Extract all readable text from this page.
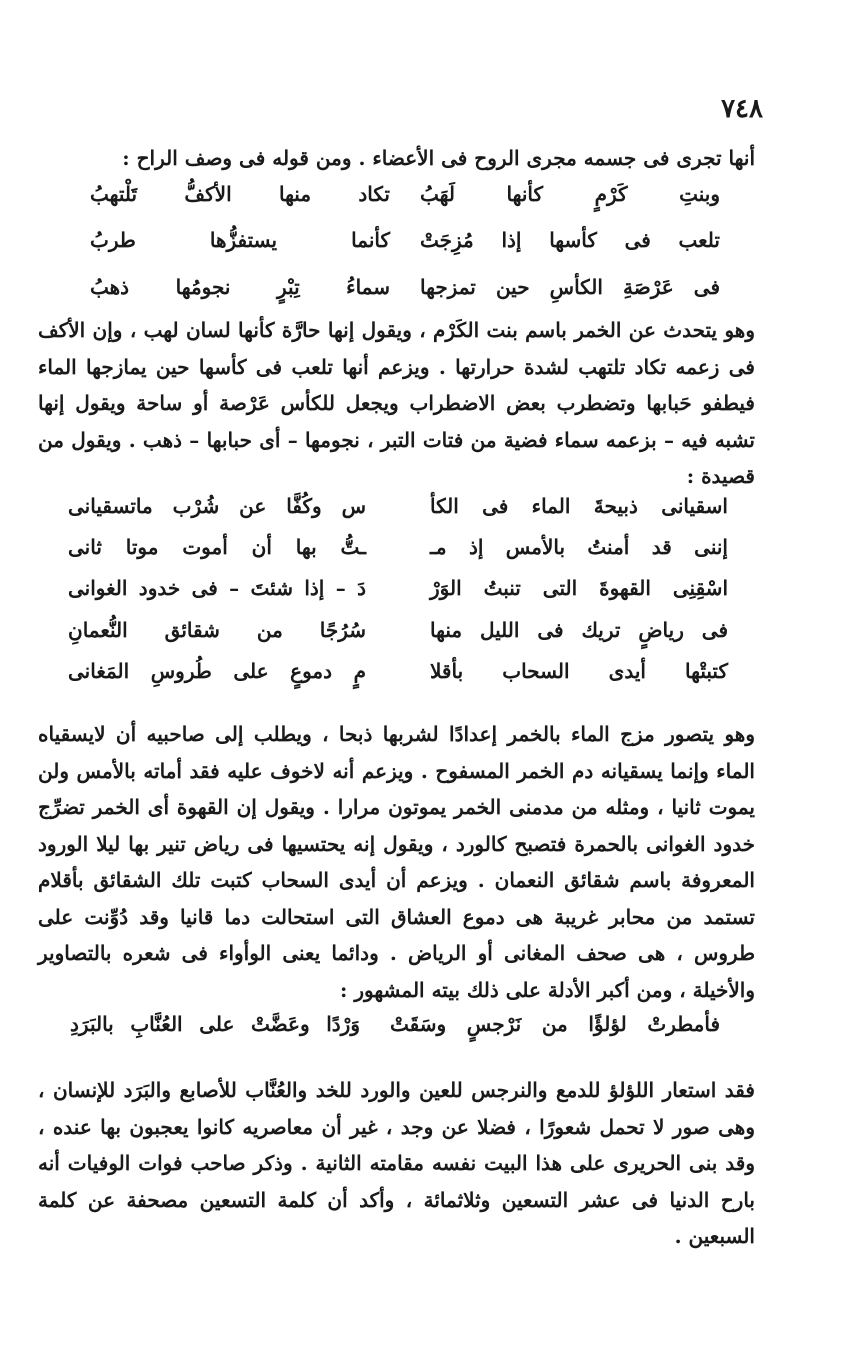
٧٤٨

أنها تجرى فى جسمه مجرى الروح فى الأعضاء . ومن قوله فى وصف الراح :

وبنتِ كَرْمٍ كأنها لَهَبُ
تكاد منها الأكفُّ تَلْتهبُ
تلعب فى كأسها إذا مُزِجَتْ
كأنما يستفزُّها طربُ
فى عَرْصَةِ الكأسِ حين تمزجها
سماءُ تِبْرٍ نجومُها ذهبُ

وهو يتحدث عن الخمر باسم بنت الكَرْم ، ويقول إنها حارَّة كأنها لسان لهب ، وإن الأكف فى زعمه تكاد تلتهب لشدة حرارتها . ويزعم أنها تلعب فى كأسها حين يمازجها الماء فيطفو حَبابها وتضطرب بعض الاضطراب ويجعل للكأس عَرْصة أو ساحة ويقول إنها تشبه فيه – بزعمه سماء فضية من فتات التبر ، نجومها – أى حبابها – ذهب . ويقول من قصيدة :

اسقيانى ذبيحةَ الماء فى الكأ
س وكُفَّا عن شُرْب ماتسقيانى
إننى قد أمنتُ بالأمس إذ مـ
ـتُّ بها أن أموت موتا ثانى
اسْقِنِى القهوةَ التى تنبتُ الوَرْ
دَ – إذا شئتَ – فى خدود الغوانى
فى رياضٍ تريك فى الليل منها
سُرُجًا من شقائق النُّعمانِ
كتبتْها أيدى السحاب بأقلا
مٍ دموعٍ على طُروسِ المَغانى

وهو يتصور مزج الماء بالخمر إعدادًا لشربها ذبحا ، ويطلب إلى صاحبيه أن لايسقياه الماء وإنما يسقيانه دم الخمر المسفوح . ويزعم أنه لاخوف عليه فقد أماته بالأمس ولن يموت ثانيا ، ومثله من مدمنى الخمر يموتون مرارا . ويقول إن القهوة أى الخمر تضرِّج خدود الغوانى بالحمرة فتصبح كالورد ، ويقول إنه يحتسيها فى رياض تنير بها ليلا الورود المعروفة باسم شقائق النعمان . ويزعم أن أيدى السحاب كتبت تلك الشقائق بأقلام تستمد من محابر غريبة هى دموع العشاق التى استحالت دما قانيا وقد دُوِّنت على طروس ، هى صحف المغانى أو الرياض . ودائما يعنى الوأواء فى شعره بالتصاوير والأخيلة ، ومن أكبر الأدلة على ذلك بيته المشهور :

فأمطرتْ لؤلؤًا من نَرْجسٍ وسَقَتْ
وَرْدًا وعَضَّتْ على العُنَّابِ بالبَرَدِ

فقد استعار اللؤلؤ للدمع والنرجس للعين والورد للخد والعُنَّاب للأصابع والبَرَد للإنسان ، وهى صور لا تحمل شعورًا ، فضلا عن وجد ، غير أن معاصريه كانوا يعجبون بها عنده ، وقد بنى الحريرى على هذا البيت نفسه مقامته الثانية . وذكر صاحب فوات الوفيات أنه بارح الدنيا فى عشر التسعين وثلاثمائة ، وأكد أن كلمة التسعين مصحفة عن كلمة السبعين .
